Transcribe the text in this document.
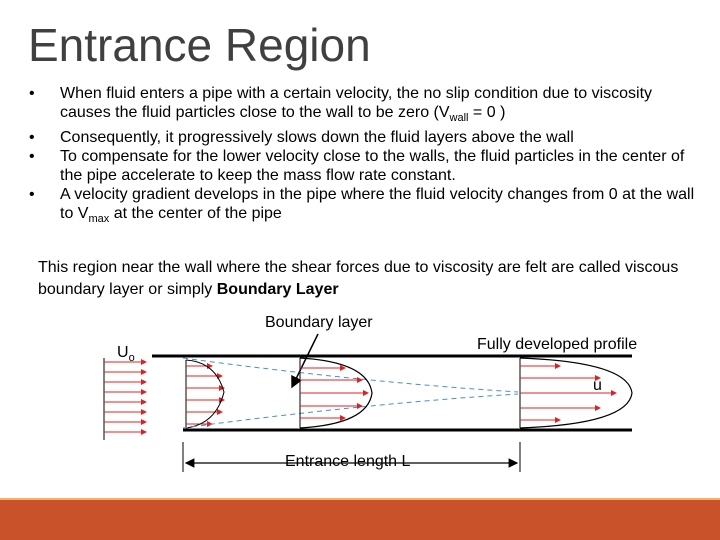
Entrance Region
• When fluid enters a pipe with a certain velocity, the no slip condition due to viscosity causes the fluid particles close to the wall to be zero ($V_{wall} = 0$ )
• Consequently, it progressively slows down the fluid layers above the wall
• To compensate for the lower velocity close to the walls, the fluid particles in the center of the pipe accelerate to keep the mass flow rate constant.
• A velocity gradient develops in the pipe where the fluid velocity changes from 0 at the wall to $V_{max}$ at the center of the pipe
This region near the wall where the shear forces due to viscosity are felt are called viscous boundary layer or simply Boundary Layer
Boundary layer
Fully developed profile
$U_o$
u
Entrance length L
